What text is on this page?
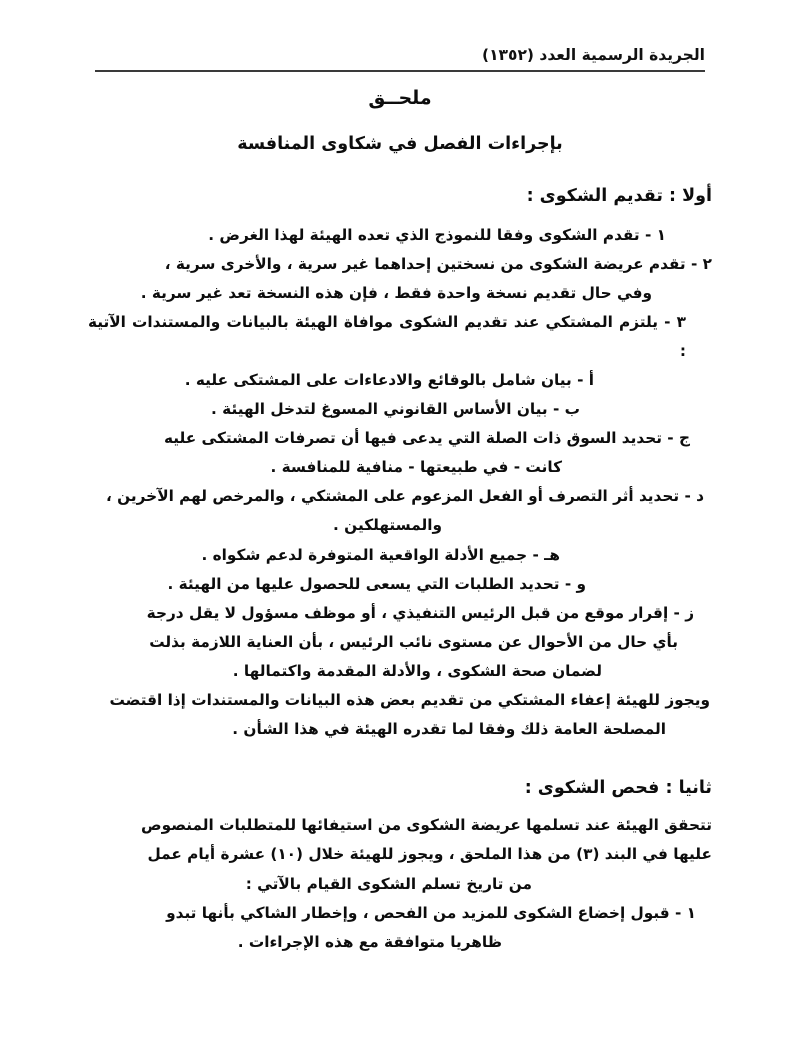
الجريدة الرسمية العدد (١٣٥٢)
ملحــق
بإجراءات الفصل في شكاوى المنافسة
أولا : تقديم الشكوى :

١ - تقدم الشكوى وفقا للنموذج الذي تعده الهيئة لهذا الغرض .

٢ - تقدم عريضة الشكوى من نسختين إحداهما غير سرية ، والأخرى سرية ،

وفي حال تقديم نسخة واحدة فقط ، فإن هذه النسخة تعد غير سرية .

٣ - يلتزم المشتكي عند تقديم الشكوى موافاة الهيئة بالبيانات والمستندات الآتية :

أ - بيان شامل بالوقائع والادعاءات على المشتكى عليه .

ب - بيان الأساس القانوني المسوغ لتدخل الهيئة .

ج - تحديد السوق ذات الصلة التي يدعى فيها أن تصرفات المشتكى عليه

كانت - في طبيعتها - منافية للمنافسة .

د - تحديد أثر التصرف أو الفعل المزعوم على المشتكي ، والمرخص لهم الآخرين ،

والمستهلكين .

هـ - جميع الأدلة الواقعية المتوفرة لدعم شكواه .

و - تحديد الطلبات التي يسعى للحصول عليها من الهيئة .

ز - إقرار موقع من قبل الرئيس التنفيذي ، أو موظف مسؤول لا يقل درجة

بأي حال من الأحوال عن مستوى نائب الرئيس ، بأن العناية اللازمة بذلت

لضمان صحة الشكوى ، والأدلة المقدمة واكتمالها .

ويجوز للهيئة إعفاء المشتكي من تقديم بعض هذه البيانات والمستندات إذا اقتضت

المصلحة العامة ذلك وفقا لما تقدره الهيئة في هذا الشأن .

ثانيا : فحص الشكوى :

تتحقق الهيئة عند تسلمها عريضة الشكوى من استيفائها للمتطلبات المنصوص

عليها في البند (٣) من هذا الملحق ، ويجوز للهيئة خلال (١٠) عشرة أيام عمل

من تاريخ تسلم الشكوى القيام بالآتي :

١ - قبول إخضاع الشكوى للمزيد من الفحص ، وإخطار الشاكي بأنها تبدو

ظاهريا متوافقة مع هذه الإجراءات .
